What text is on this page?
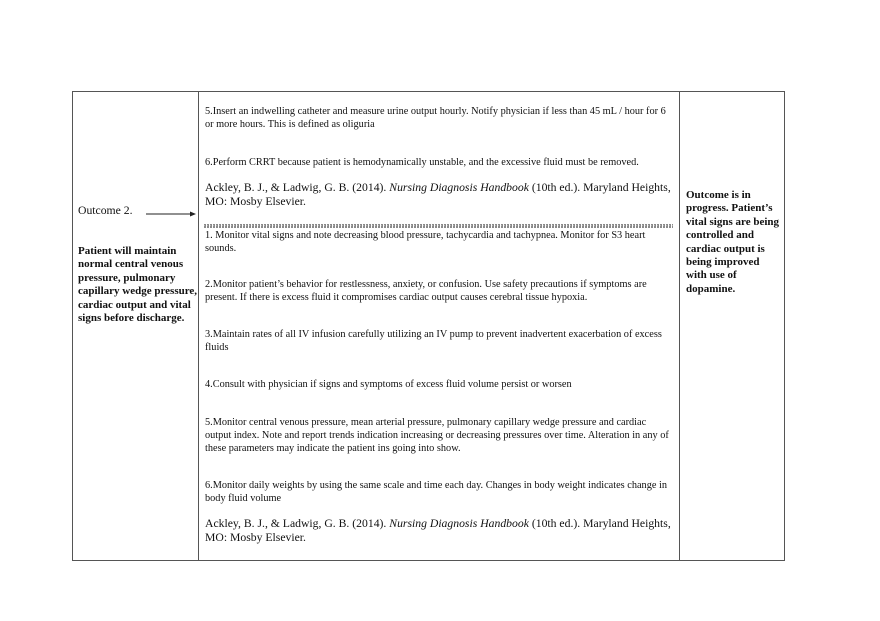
Outcome 2.
Patient will maintain normal central venous pressure, pulmonary capillary wedge pressure, cardiac output and vital signs before discharge.

5.Insert an indwelling catheter and measure urine output hourly. Notify physician if less than 45 mL / hour for 6 or more hours. This is defined as oliguria

6.Perform CRRT because patient is hemodynamically unstable, and the excessive fluid must be removed.

Ackley, B. J., & Ladwig, G. B. (2014). Nursing Diagnosis Handbook (10th ed.). Maryland Heights, MO: Mosby Elsevier.

1. Monitor vital signs and note decreasing blood pressure, tachycardia and tachypnea. Monitor for S3 heart sounds.

2.Monitor patient’s behavior for restlessness, anxiety, or confusion. Use safety precautions if symptoms are present. If there is excess fluid it compromises cardiac output causes cerebral tissue hypoxia.

3.Maintain rates of all IV infusion carefully utilizing an IV pump to prevent inadvertent exacerbation of excess fluids

4.Consult with physician if signs and symptoms of excess fluid volume persist or worsen

5.Monitor central venous pressure, mean arterial pressure, pulmonary capillary wedge pressure and cardiac output index. Note and report trends indication increasing or decreasing pressures over time. Alteration in any of these parameters may indicate the patient ins going into show.

6.Monitor daily weights by using the same scale and time each day. Changes in body weight indicates change in body fluid volume

Ackley, B. J., & Ladwig, G. B. (2014). Nursing Diagnosis Handbook (10th ed.). Maryland Heights, MO: Mosby Elsevier.

Outcome is in progress. Patient’s vital signs are being controlled and cardiac output is being improved with use of dopamine.
